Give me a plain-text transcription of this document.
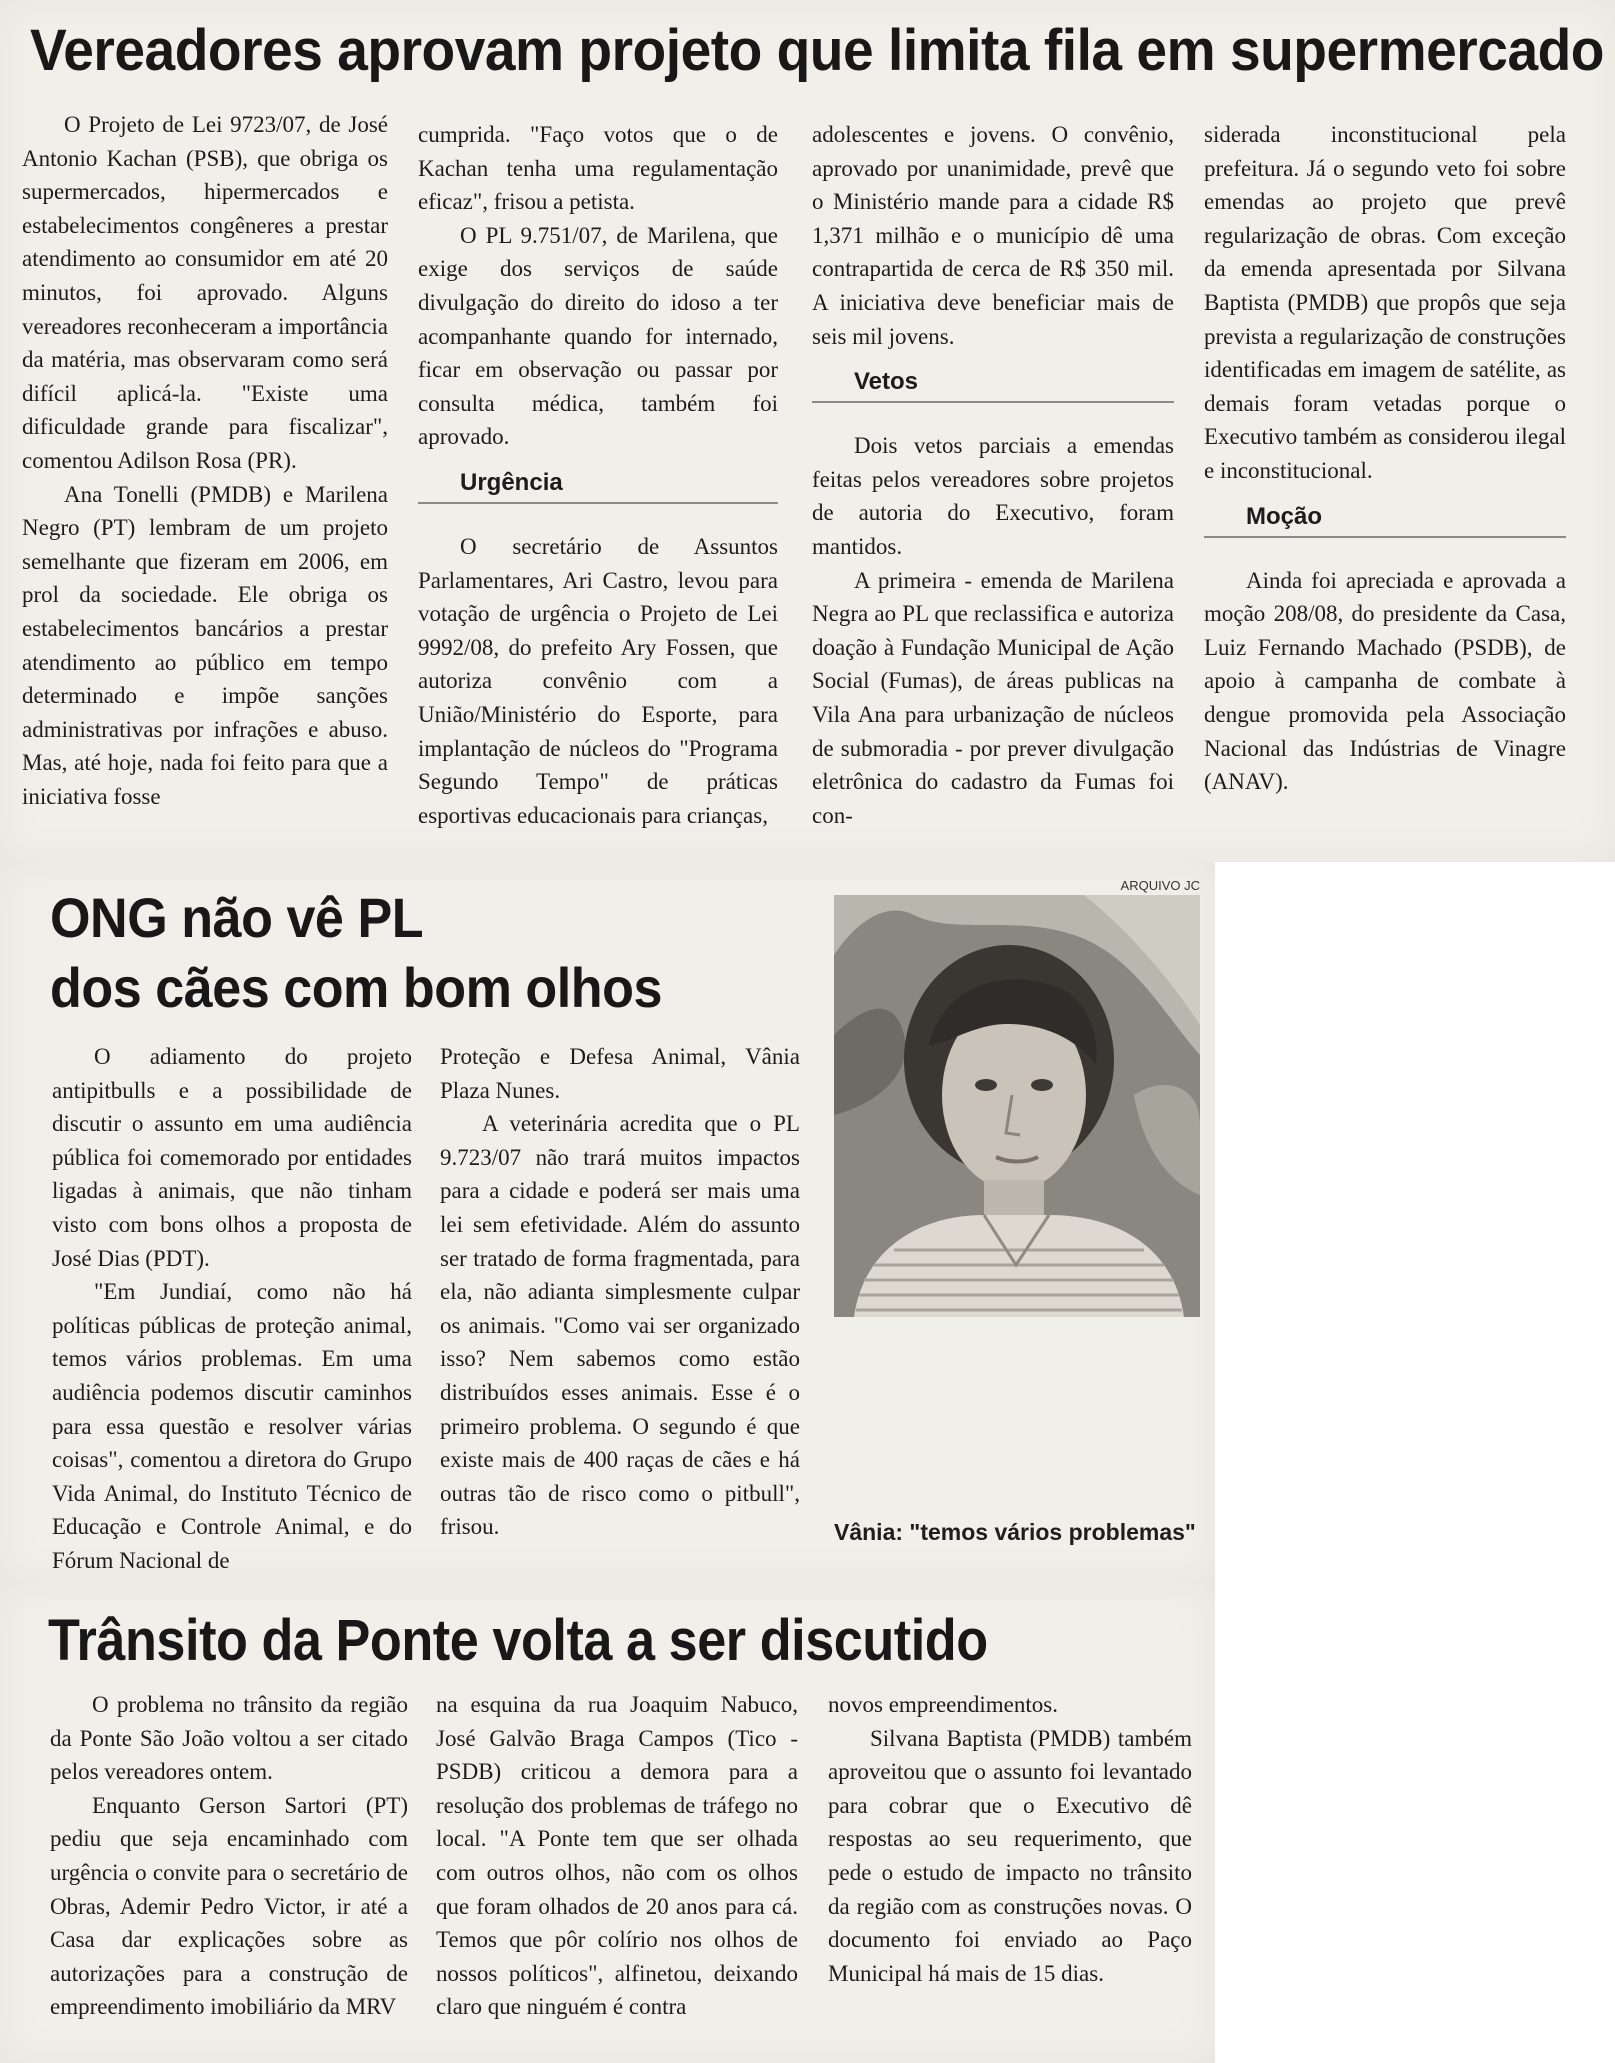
Vereadores aprovam projeto que limita fila em supermercado

O Projeto de Lei 9723/07, de José Antonio Kachan (PSB), que obriga os supermercados, hipermercados e estabelecimentos congêneres a prestar atendimento ao consumidor em até 20 minutos, foi aprovado. Alguns vereadores reconheceram a importância da matéria, mas observaram como será difícil aplicá-la. "Existe uma dificuldade grande para fiscalizar", comentou Adilson Rosa (PR).

Ana Tonelli (PMDB) e Marilena Negro (PT) lembram de um projeto semelhante que fizeram em 2006, em prol da sociedade. Ele obriga os estabelecimentos bancários a prestar atendimento ao público em tempo determinado e impõe sanções administrativas por infrações e abuso. Mas, até hoje, nada foi feito para que a iniciativa fosse

cumprida. "Faço votos que o de Kachan tenha uma regulamentação eficaz", frisou a petista.

O PL 9.751/07, de Marilena, que exige dos serviços de saúde divulgação do direito do idoso a ter acompanhante quando for internado, ficar em observação ou passar por consulta médica, também foi aprovado.

Urgência

O secretário de Assuntos Parlamentares, Ari Castro, levou para votação de urgência o Projeto de Lei 9992/08, do prefeito Ary Fossen, que autoriza convênio com a União/Ministério do Esporte, para implantação de núcleos do "Programa Segundo Tempo" de práticas esportivas educacionais para crianças,

adolescentes e jovens. O convênio, aprovado por unanimidade, prevê que o Ministério mande para a cidade R$ 1,371 milhão e o município dê uma contrapartida de cerca de R$ 350 mil. A iniciativa deve beneficiar mais de seis mil jovens.

Vetos

Dois vetos parciais a emendas feitas pelos vereadores sobre projetos de autoria do Executivo, foram mantidos.

A primeira - emenda de Marilena Negra ao PL que reclassifica e autoriza doação à Fundação Municipal de Ação Social (Fumas), de áreas publicas na Vila Ana para urbanização de núcleos de submoradia - por prever divulgação eletrônica do cadastro da Fumas foi con-

siderada inconstitucional pela prefeitura. Já o segundo veto foi sobre emendas ao projeto que prevê regularização de obras. Com exceção da emenda apresentada por Silvana Baptista (PMDB) que propôs que seja prevista a regularização de construções identificadas em imagem de satélite, as demais foram vetadas porque o Executivo também as considerou ilegal e inconstitucional.

Moção

Ainda foi apreciada e aprovada a moção 208/08, do presidente da Casa, Luiz Fernando Machado (PSDB), de apoio à campanha de combate à dengue promovida pela Associação Nacional das Indústrias de Vinagre (ANAV).

ONG não vê PL
dos cães com bom olhos

O adiamento do projeto antipitbulls e a possibilidade de discutir o assunto em uma audiência pública foi comemorado por entidades ligadas à animais, que não tinham visto com bons olhos a proposta de José Dias (PDT).

"Em Jundiaí, como não há políticas públicas de proteção animal, temos vários problemas. Em uma audiência podemos discutir caminhos para essa questão e resolver várias coisas", comentou a diretora do Grupo Vida Animal, do Instituto Técnico de Educação e Controle Animal, e do Fórum Nacional de

Proteção e Defesa Animal, Vânia Plaza Nunes.

A veterinária acredita que o PL 9.723/07 não trará muitos impactos para a cidade e poderá ser mais uma lei sem efetividade. Além do assunto ser tratado de forma fragmentada, para ela, não adianta simplesmente culpar os animais. "Como vai ser organizado isso? Nem sabemos como estão distribuídos esses animais. Esse é o primeiro problema. O segundo é que existe mais de 400 raças de cães e há outras tão de risco como o pitbull", frisou.

ARQUIVO JC
Vânia: "temos vários problemas"
Trânsito da Ponte volta a ser discutido

O problema no trânsito da região da Ponte São João voltou a ser citado pelos vereadores ontem.

Enquanto Gerson Sartori (PT) pediu que seja encaminhado com urgência o convite para o secretário de Obras, Ademir Pedro Victor, ir até a Casa dar explicações sobre as autorizações para a construção de empreendimento imobiliário da MRV

na esquina da rua Joaquim Nabuco, José Galvão Braga Campos (Tico - PSDB) criticou a demora para a resolução dos problemas de tráfego no local. "A Ponte tem que ser olhada com outros olhos, não com os olhos que foram olhados de 20 anos para cá. Temos que pôr colírio nos olhos de nossos políticos", alfinetou, deixando claro que ninguém é contra

novos empreendimentos.

Silvana Baptista (PMDB) também aproveitou que o assunto foi levantado para cobrar que o Executivo dê respostas ao seu requerimento, que pede o estudo de impacto no trânsito da região com as construções novas. O documento foi enviado ao Paço Municipal há mais de 15 dias.
